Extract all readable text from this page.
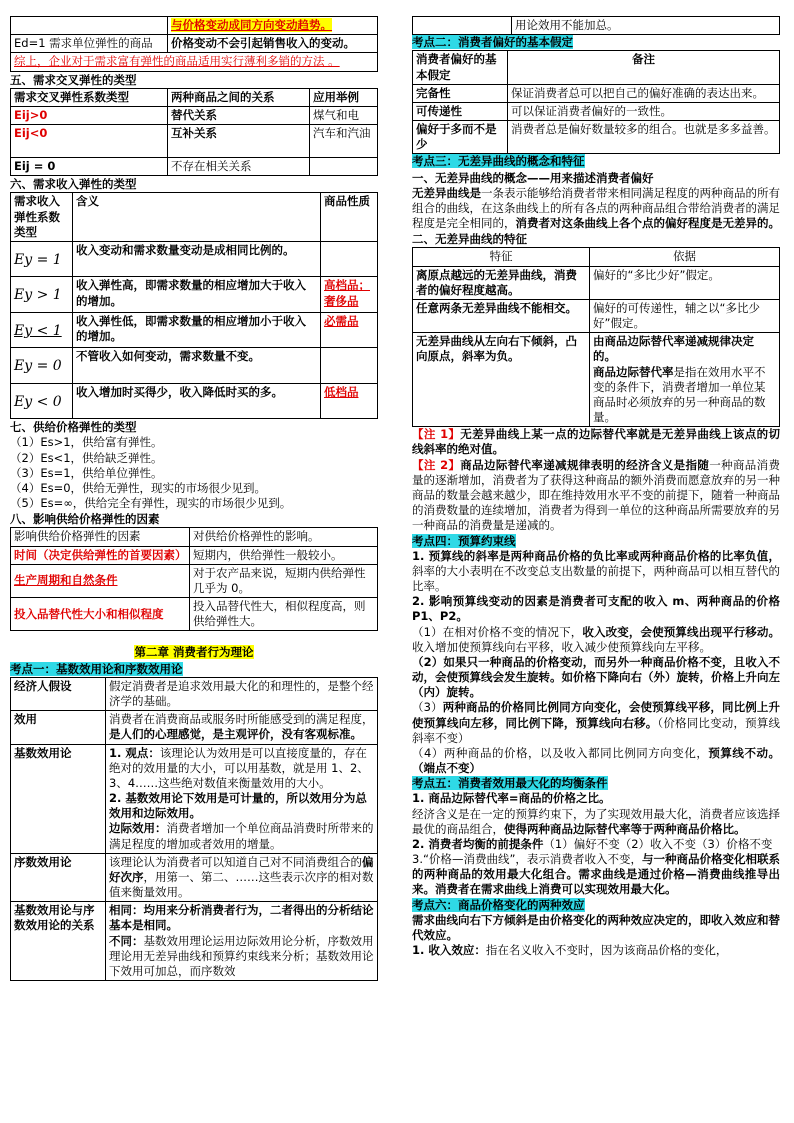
	与价格变动成同方向变动趋势。
Ed=1 需求单位弹性的商品	价格变动不会引起销售收入的变动。
综上，企业对于需求富有弹性的商品适用实行薄利多销的方法 。	
五、需求交叉弹性的类型
需求交叉弹性系数类型	两种商品之间的关系	应用举例
Eij>0	替代关系	煤气和电
Eij<0	互补关系	汽车和汽油
Eij = 0	不存在相关关系	
六、需求收入弹性的类型
需求收入弹性系数类型	含义	商品性质
Ey = 1	收入变动和需求数量变动是成相同比例的。	
Ey > 1	收入弹性高，即需求数量的相应增加大于收入的增加。	高档品；奢侈品
Ey < 1	收入弹性低，即需求数量的相应增加小于收入的增加。	必需品
Ey = 0	不管收入如何变动，需求数量不变。	
Ey < 0	收入增加时买得少，收入降低时买的多。	低档品
七、供给价格弹性的类型
（1）Es>1，供给富有弹性。
（2）Es<1，供给缺乏弹性。
（3）Es=1，供给单位弹性。
（4）Es=0，供给无弹性，现实的市场很少见到。
（5）Es=∞，供给完全有弹性，现实的市场很少见到。
八、影响供给价格弹性的因素
影响供给价格弹性的因素	对供给价格弹性的影响。
时间（决定供给弹性的首要因素）	短期内，供给弹性一般较小。
生产周期和自然条件	对于农产品来说，短期内供给弹性几乎为 0。
投入品替代性大小和相似程度	投入品替代性大，相似程度高，则供给弹性大。
第二章 消费者行为理论
考点一：基数效用论和序数效用论
经济人假设	假定消费者是追求效用最大化的和理性的，是整个经济学的基础。
效用	消费者在消费商品或服务时所能感受到的满足程度，是人们的心理感觉，是主观评价，没有客观标准。
基数效用论	1. 观点：该理论认为效用是可以直接度量的，存在绝对的效用量的大小，可以用基数，就是用 1、2、3、4……这些绝对数值来衡量效用的大小。
2. 基数效用论下效用是可计量的，所以效用分为总效用和边际效用。
边际效用：消费者增加一个单位商品消费时所带来的满足程度的增加或者效用的增量。

序数效用论	该理论认为消费者可以知道自己对不同消费组合的偏好次序，用第一、第二、……这些表示次序的相对数值来衡量效用。
基数效用论与序数效用论的关系	相同：均用来分析消费者行为，二者得出的分析结论基本是相同。
不同：基数效用理论运用边际效用论分析，序数效用理论用无差异曲线和预算约束线来分析；基数效用论下效用可加总，而序数效
	用论效用不能加总。
考点二：消费者偏好的基本假定
消费者偏好的基本假定	备注
完备性	保证消费者总可以把自己的偏好准确的表达出来。
可传递性	可以保证消费者偏好的一致性。
偏好于多而不是少	消费者总是偏好数量较多的组合。也就是多多益善。
考点三：无差异曲线的概念和特征
一、无差异曲线的概念——用来描述消费者偏好

无差异曲线是一条表示能够给消费者带来相同满足程度的两种商品的所有组合的曲线，在这条曲线上的所有各点的两种商品组合带给消费者的满足程度是完全相同的，消费者对这条曲线上各个点的偏好程度是无差异的。

二、无差异曲线的特征
特征	依据
离原点越远的无差异曲线，消费者的偏好程度越高。	偏好的“多比少好”假定。
任意两条无差异曲线不能相交。	偏好的可传递性，辅之以“多比少好”假定。
无差异曲线从左向右下倾斜，凸向原点，斜率为负。	由商品边际替代率递减规律决定的。
商品边际替代率是指在效用水平不变的条件下，消费者增加一单位某商品时必须放弃的另一种商品的数量。

【注 1】无差异曲线上某一点的边际替代率就是无差异曲线上该点的切线斜率的绝对值。

【注 2】商品边际替代率递减规律表明的经济含义是指随一种商品消费量的逐渐增加，消费者为了获得这种商品的额外消费而愿意放弃的另一种商品的数量会越来越少，即在维持效用水平不变的前提下，随着一种商品的消费数量的连续增加，消费者为得到一单位的这种商品所需要放弃的另一种商品的消费量是递减的。

考点四：预算约束线

1. 预算线的斜率是两种商品价格的负比率或两种商品价格的比率负值，斜率的大小表明在不改变总支出数量的前提下，两种商品可以相互替代的比率。

2. 影响预算线变动的因素是消费者可支配的收入 m、两种商品的价格 P1、P2。

（1）在相对价格不变的情况下，收入改变，会使预算线出现平行移动。收入增加使预算线向右平移，收入减少使预算线向左平移。

（2）如果只一种商品的价格变动，而另外一种商品价格不变，且收入不动，会使预算线会发生旋转。如价格下降向右（外）旋转，价格上升向左（内）旋转。

（3）两种商品的价格同比例同方向变化，会使预算线平移，同比例上升使预算线向左移，同比例下降，预算线向右移。（价格同比变动，预算线斜率不变）

（4）两种商品的价格，以及收入都同比例同方向变化，预算线不动。（端点不变）

考点五：消费者效用最大化的均衡条件

1. 商品边际替代率=商品的价格之比。

经济含义是在一定的预算约束下，为了实现效用最大化，消费者应该选择最优的商品组合，使得两种商品边际替代率等于两种商品价格比。

2. 消费者均衡的前提条件（1）偏好不变（2）收入不变（3）价格不变

3.“价格—消费曲线”，表示消费者收入不变，与一种商品价格变化相联系的两种商品的效用最大化组合。需求曲线是通过价格—消费曲线推导出来。消费者在需求曲线上消费可以实现效用最大化。

考点六：商品价格变化的两种效应

需求曲线向右下方倾斜是由价格变化的两种效应决定的，即收入效应和替代效应。

1. 收入效应：指在名义收入不变时，因为该商品价格的变化，
